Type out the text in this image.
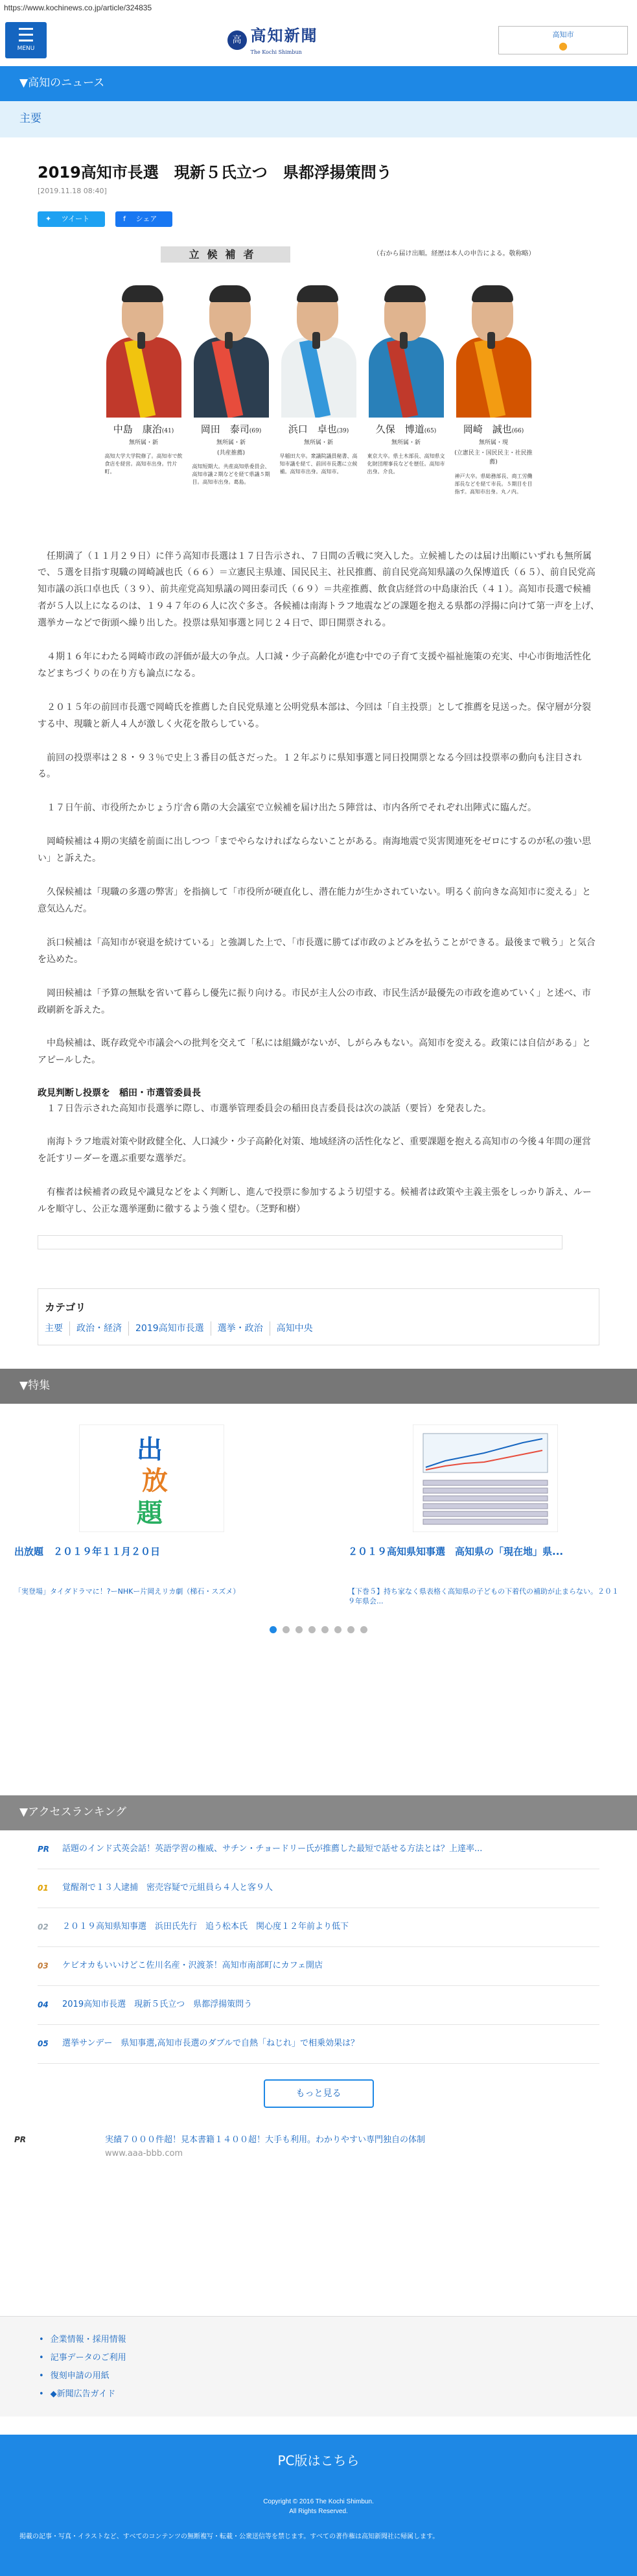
https://www.kochinews.co.jp/article/324835
MENU
高 高知新聞
The Kochi Shimbun
高知市
●
▼高知のニュース
主要
2019高知市長選　現新５氏立つ　県都浮揚策問う
[2019.11.18 08:40]
✦ ツイート	f シェア
立候補者	（右から届け出順。経歴は本人の申告による。敬称略）
中島　康治(41)
無所属・新
高知大学大学院修了。高知市で飲食店を経営。高知市出身。竹片町。
岡田　泰司(69)
無所属・新
(共産推薦)
高知短期大。共産高知県委員会、高知市議２期などを経て県議５期目。高知市出身。葛島。
浜口　卓也(39)
無所属・新
早稲田大卒。衆議院議員秘書、高知市議を経て、前回市長選に立候補。高知市出身。高知市。
久保　博道(65)
無所属・新
東京大卒。県土木部長、高知県文化財団理事長などを歴任。高知市出身。介良。
岡崎　誠也(66)
無所属・現
(立憲民主・国民民主・社民推薦)
神戸大卒。県総務部長、商工労働部長などを経て市長。５期目を目指す。高知市出身。丸ノ内。

任期満了（１１月２９日）に伴う高知市長選は１７日告示され、７日間の舌戦に突入した。立候補したのは届け出順にいずれも無所属で、５選を目指す現職の岡崎誠也氏（６６）＝立憲民主県連、国民民主、社民推薦、前自民党高知県議の久保博道氏（６５）、前自民党高知市議の浜口卓也氏（３９）、前共産党高知県議の岡田泰司氏（６９）＝共産推薦、飲食店経営の中島康治氏（４１）。高知市長選で候補者が５人以上になるのは、１９４７年の６人に次ぐ多さ。各候補は南海トラフ地震などの課題を抱える県都の浮揚に向けて第一声を上げ、選挙カーなどで街頭へ繰り出した。投票は県知事選と同じ２４日で、即日開票される。

４期１６年にわたる岡崎市政の評価が最大の争点。人口減・少子高齢化が進む中での子育て支援や福祉施策の充実、中心市街地活性化などまちづくりの在り方も論点になる。

２０１５年の前回市長選で岡崎氏を推薦した自民党県連と公明党県本部は、今回は「自主投票」として推薦を見送った。保守層が分裂する中、現職と新人４人が激しく火花を散らしている。

前回の投票率は２８・９３％で史上３番目の低さだった。１２年ぶりに県知事選と同日投開票となる今回は投票率の動向も注目される。

１７日午前、市役所たかじょう庁舎６階の大会議室で立候補を届け出た５陣営は、市内各所でそれぞれ出陣式に臨んだ。

岡崎候補は４期の実績を前面に出しつつ「までやらなければならないことがある。南海地震で災害関連死をゼロにするのが私の強い思い」と訴えた。

久保候補は「現職の多選の弊害」を指摘して「市役所が硬直化し、潜在能力が生かされていない。明るく前向きな高知市に変える」と意気込んだ。

浜口候補は「高知市が衰退を続けている」と強調した上で、「市長選に勝てば市政のよどみを払うことができる。最後まで戦う」と気合を込めた。

岡田候補は「予算の無駄を省いて暮らし優先に振り向ける。市民が主人公の市政、市民生活が最優先の市政を進めていく」と述べ、市政刷新を訴えた。

中島候補は、既存政党や市議会への批判を交えて「私には組織がないが、しがらみもない。高知市を変える。政策には自信がある」とアピールした。

政見判断し投票を　稲田・市選管委員長

１７日告示された高知市長選挙に際し、市選挙管理委員会の稲田良吉委員長は次の談話（要旨）を発表した。

南海トラフ地震対策や財政健全化、人口減少・少子高齢化対策、地域経済の活性化など、重要課題を抱える高知市の今後４年間の運営を託すリーダーを選ぶ重要な選挙だ。

有権者は候補者の政見や識見などをよく判断し、進んで投票に参加するよう切望する。候補者は政策や主義主張をしっかり訴え、ルールを順守し、公正な選挙運動に徹するよう強く望む。（芝野和樹）

カテゴリ
主要	政治・経済	2019高知市長選	選挙・政治	高知中央
▼特集
出
放
題
出放題　２０１９年１１月２０日
「実登場」タイダドラマに！?ーNHKー片岡えリカ劇（梯石・スズメ）
２０１９高知県知事選　高知県の「現在地」県...
【下巻５】持ち家なく県表格く高知県の子どもの下着代の補助が止まらない。２０１９年県会...
▼アクセスランキング
PR	話題のインド式英会話！英語学習の権威、サチン・チョードリー氏が推薦した最短で話せる方法とは？上達率...
01	覚醒剤で１３人逮捕　密売容疑で元組員ら４人と客９人
02	２０１９高知県知事選　浜田氏先行　追う松本氏　関心度１２年前より低下
03	ケビオカもいいけどこ佐川名産・沢渡茶！高知市南部町にカフェ開店
04	2019高知市長選　現新５氏立つ　県都浮揚策問う
05	選挙サンデー　県知事選,高知市長選のダブルで自熱「ねじれ」で相乗効果は？
もっと見る
PR	実績７０００件超！見本書籍１４００超！大手も利用。わかりやすい専門独自の体制
www.aaa-bbb.com
• 企業情報・採用情報
• 記事データのご利用
• 復刻申請の用紙
• ◆新聞広告ガイド
PC版はこちら
Copyright © 2016 The Kochi Shimbun.
All Rights Reserved.
掲載の記事・写真・イラストなど、すべてのコンテンツの無断複写・転載・公衆送信等を禁じます。すべての著作権は高知新聞社に帰属します。
